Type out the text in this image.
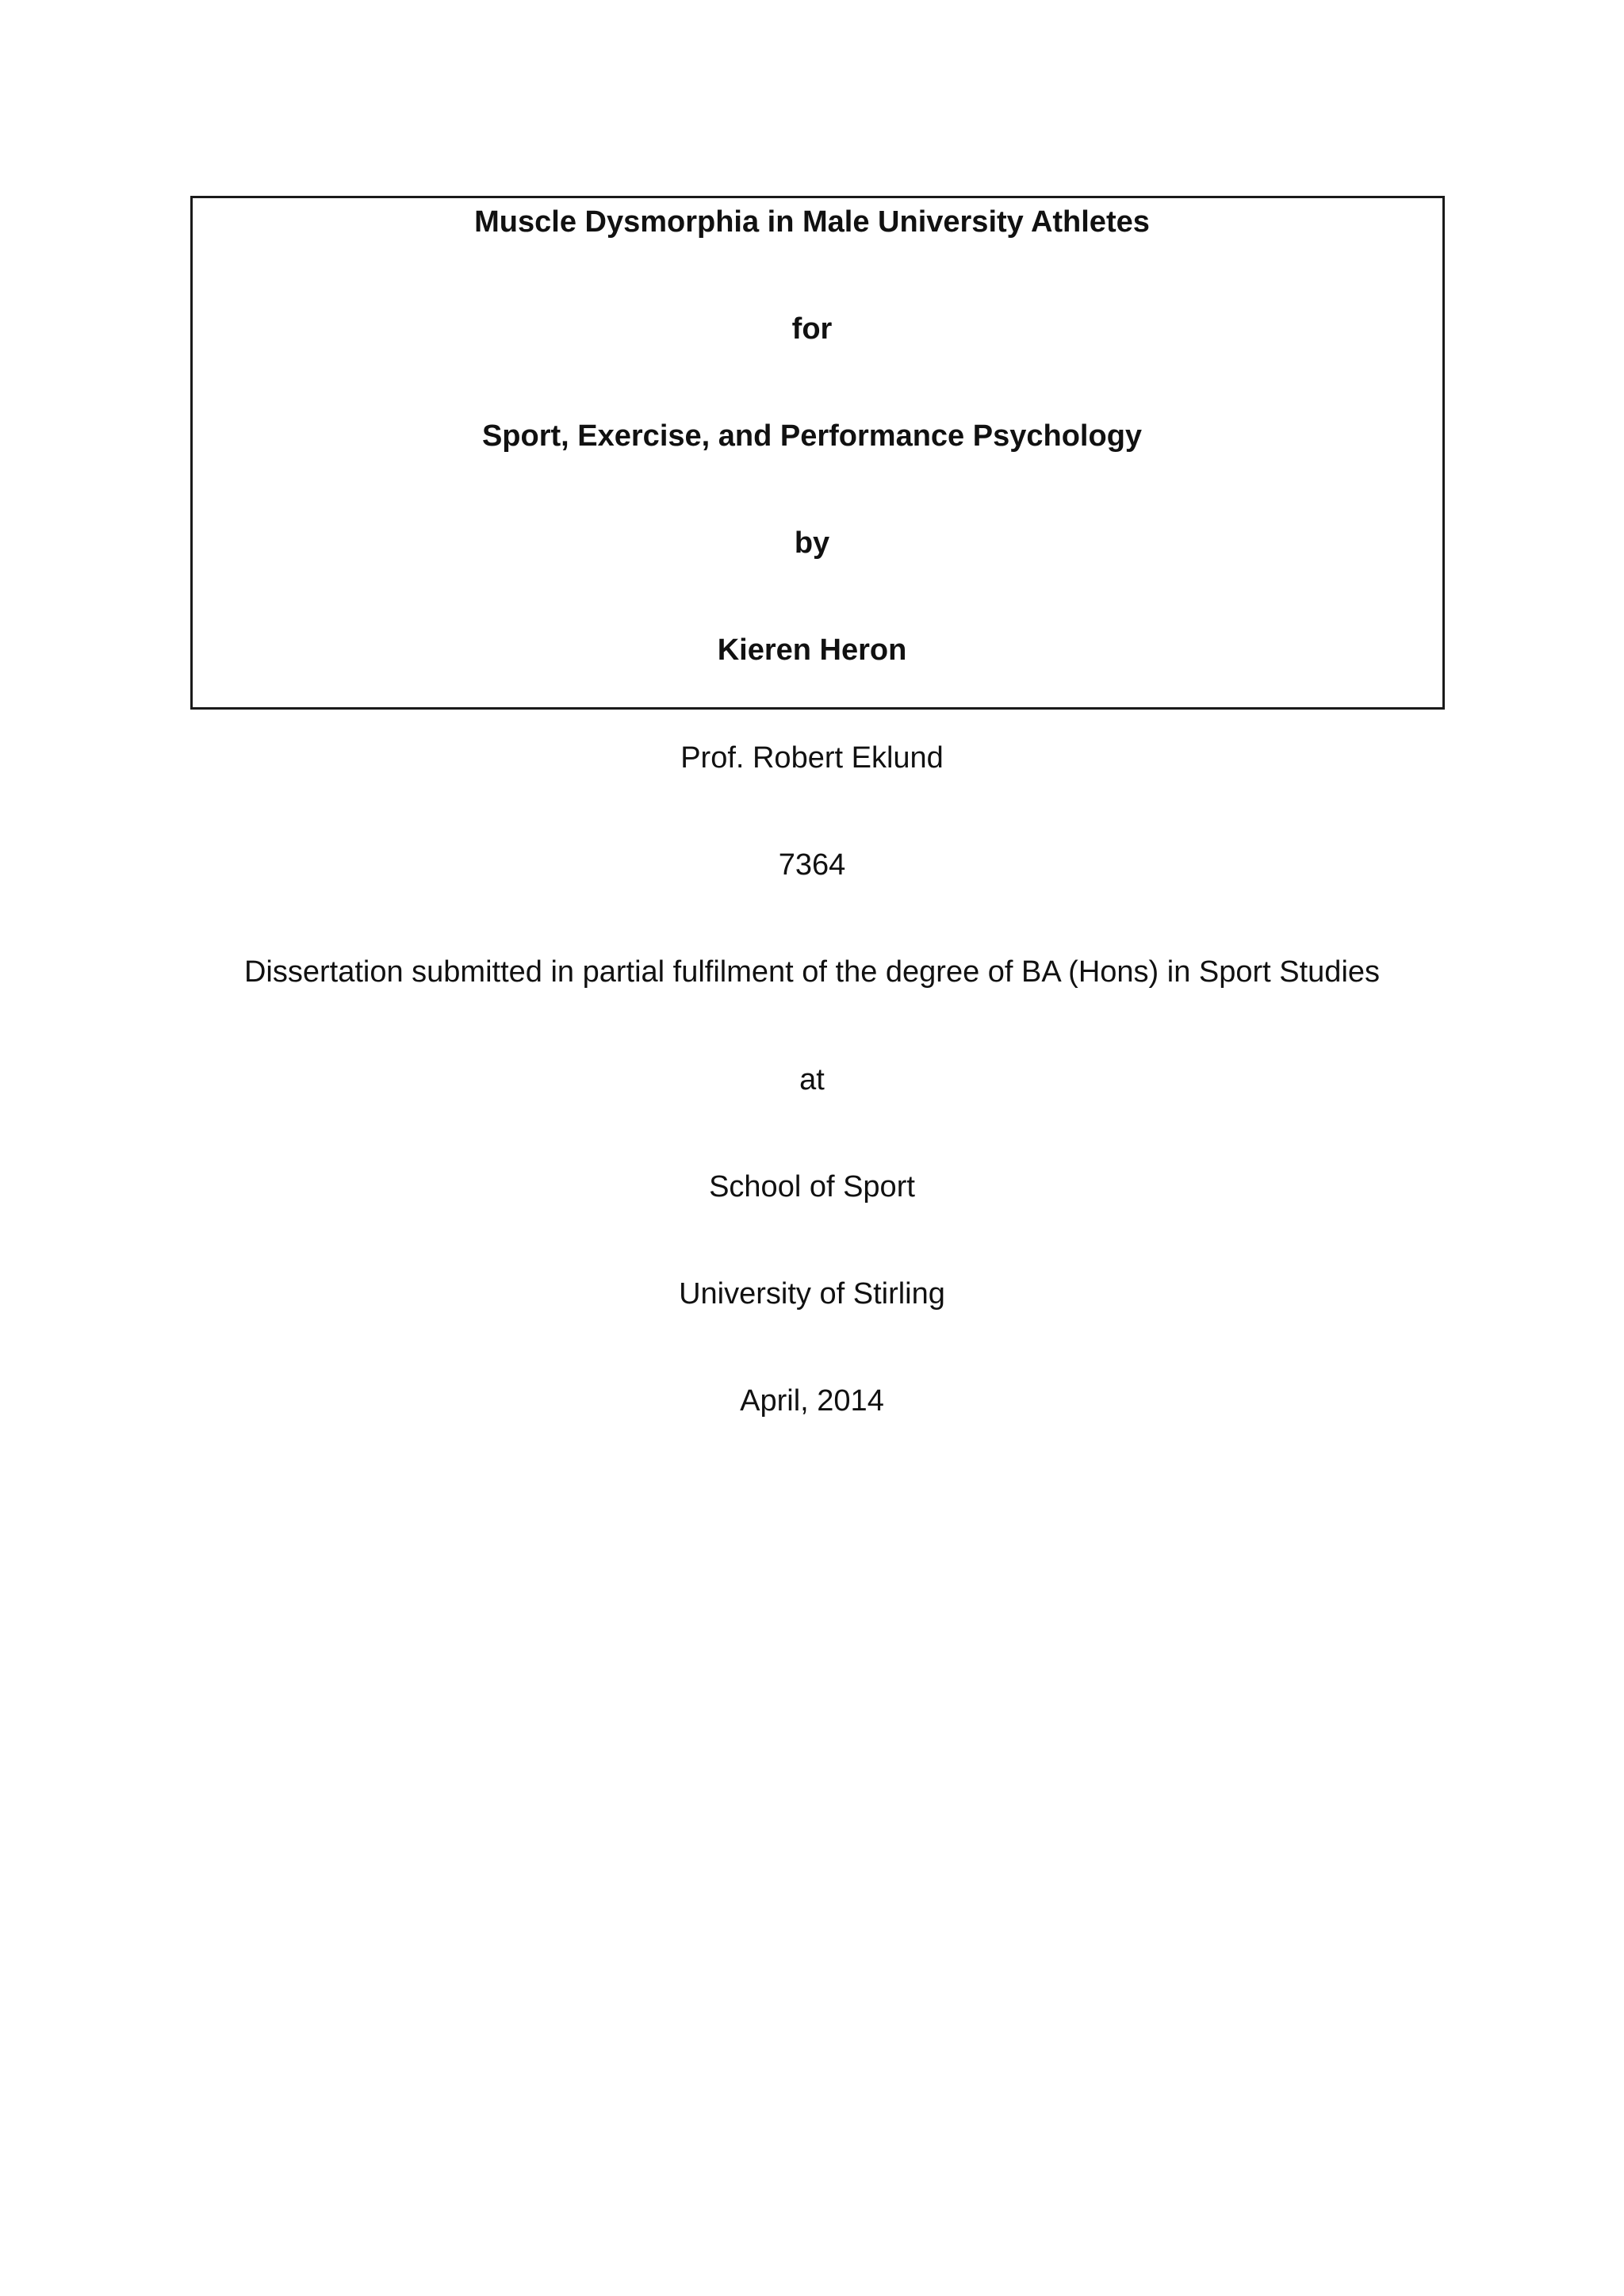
Muscle Dysmorphia in Male University Athletes
for
Sport, Exercise, and Performance Psychology
by
Kieren Heron
Prof. Robert Eklund
7364
Dissertation submitted in partial fulfilment of the degree of BA (Hons) in Sport Studies
at
School of Sport
University of Stirling
April, 2014
